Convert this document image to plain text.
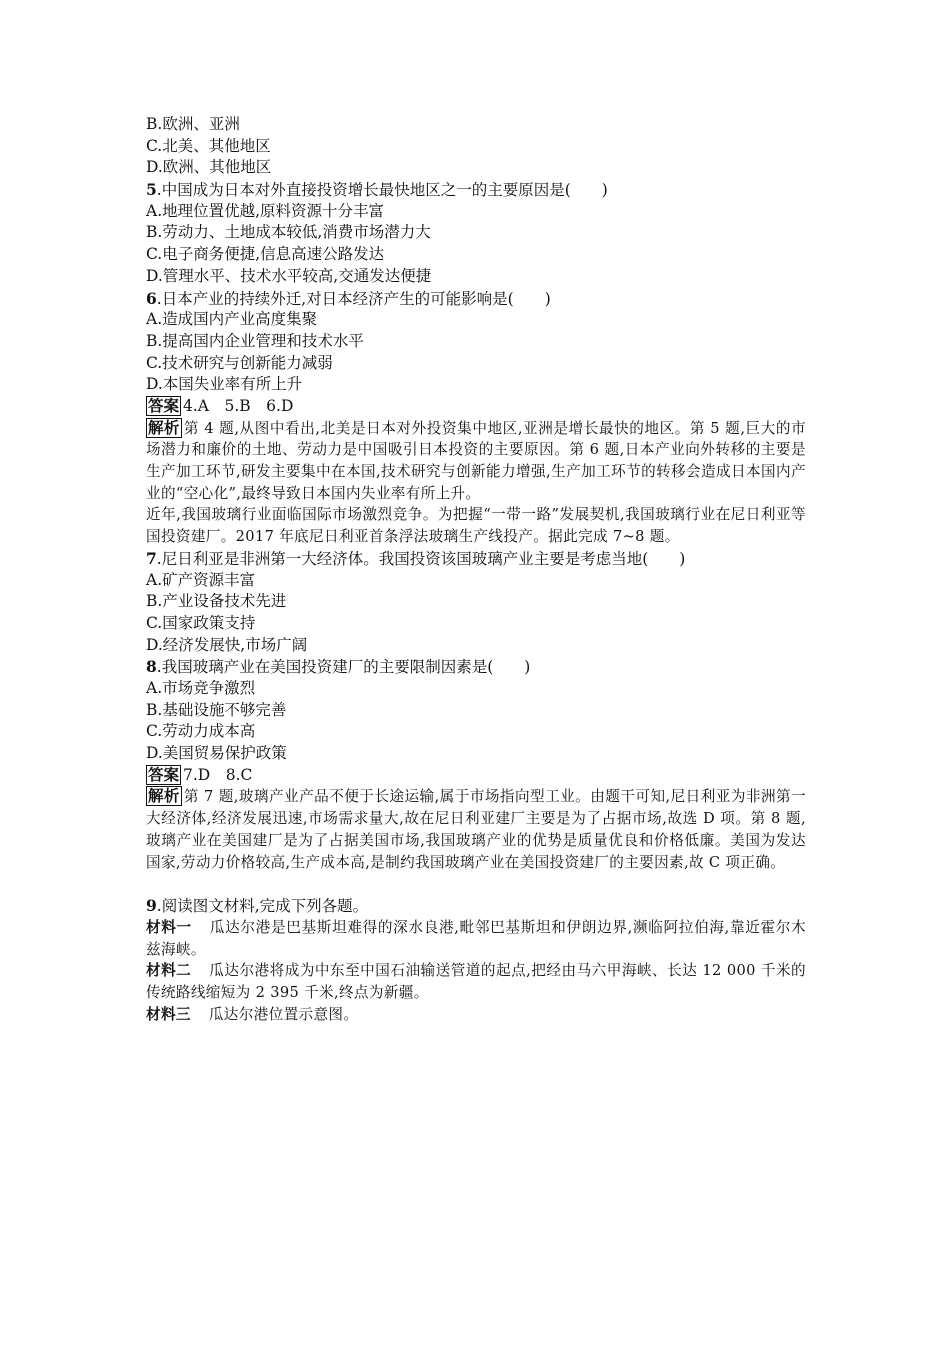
B.欧洲、亚洲
C.北美、其他地区
D.欧洲、其他地区
5.中国成为日本对外直接投资增长最快地区之一的主要原因是(　　)
A.地理位置优越,原料资源十分丰富
B.劳动力、土地成本较低,消费市场潜力大
C.电子商务便捷,信息高速公路发达
D.管理水平、技术水平较高,交通发达便捷
6.日本产业的持续外迁,对日本经济产生的可能影响是(　　)
A.造成国内产业高度集聚
B.提高国内企业管理和技术水平
C.技术研究与创新能力减弱
D.本国失业率有所上升
答案 4.A　5.B　6.D
解析 第 4 题,从图中看出,北美是日本对外投资集中地区,亚洲是增长最快的地区。第 5 题,巨大的市场潜力和廉价的土地、劳动力是中国吸引日本投资的主要原因。第 6 题,日本产业向外转移的主要是生产加工环节,研发主要集中在本国,技术研究与创新能力增强,生产加工环节的转移会造成日本国内产业的“空心化”,最终导致日本国内失业率有所上升。
近年,我国玻璃行业面临国际市场激烈竞争。为把握“一带一路”发展契机,我国玻璃行业在尼日利亚等国投资建厂。2017 年底尼日利亚首条浮法玻璃生产线投产。据此完成 7~8 题。
7.尼日利亚是非洲第一大经济体。我国投资该国玻璃产业主要是考虑当地(　　)
A.矿产资源丰富
B.产业设备技术先进
C.国家政策支持
D.经济发展快,市场广阔
8.我国玻璃产业在美国投资建厂的主要限制因素是(　　)
A.市场竞争激烈
B.基础设施不够完善
C.劳动力成本高
D.美国贸易保护政策
答案 7.D　8.C
解析 第 7 题,玻璃产业产品不便于长途运输,属于市场指向型工业。由题干可知,尼日利亚为非洲第一大经济体,经济发展迅速,市场需求量大,故在尼日利亚建厂主要是为了占据市场,故选 D 项。第 8 题,玻璃产业在美国建厂是为了占据美国市场,我国玻璃产业的优势是质量优良和价格低廉。美国为发达国家,劳动力价格较高,生产成本高,是制约我国玻璃产业在美国投资建厂的主要因素,故 C 项正确。
9.阅读图文材料,完成下列各题。
材料一 瓜达尔港是巴基斯坦难得的深水良港,毗邻巴基斯坦和伊朗边界,濒临阿拉伯海,靠近霍尔木兹海峡。
材料二 瓜达尔港将成为中东至中国石油输送管道的起点,把经由马六甲海峡、长达 12 000 千米的传统路线缩短为 2 395 千米,终点为新疆。
材料三 瓜达尔港位置示意图。
